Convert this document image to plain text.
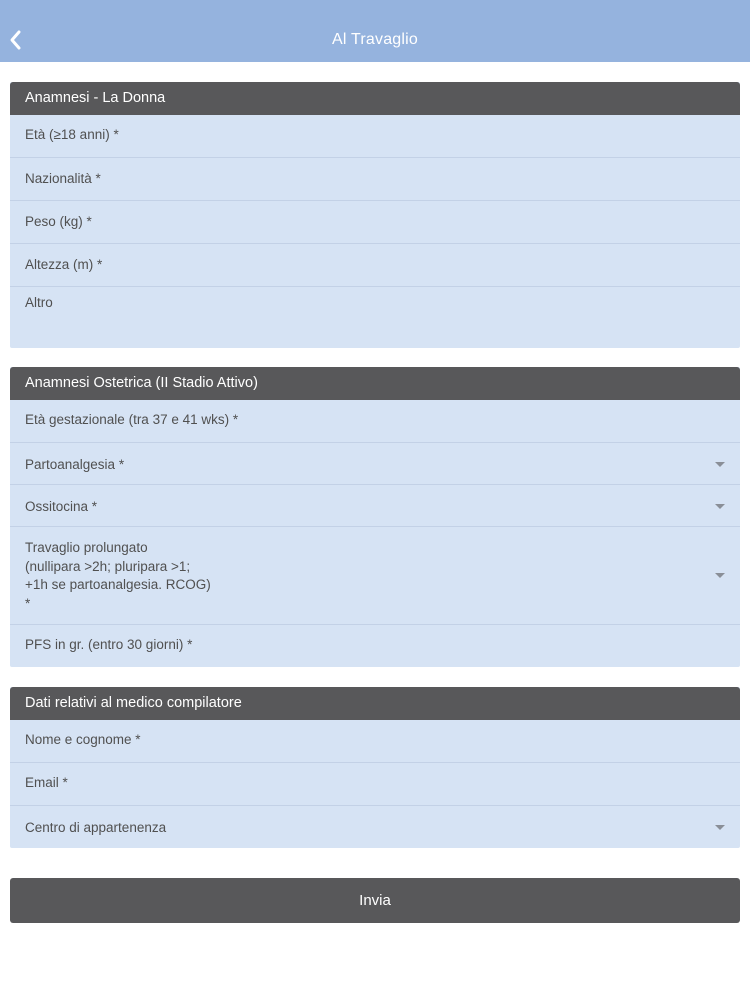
Al Travaglio
Anamnesi - La Donna
Età (≥18 anni) *
Nazionalità *
Peso (kg) *
Altezza (m) *
Altro
Anamnesi Ostetrica (II Stadio Attivo)
Età gestazionale (tra 37 e 41 wks) *
Partoanalgesia *
Ossitocina *
Travaglio prolungato
(nullipara >2h; pluripara >1;
+1h se partoanalgesia. RCOG)
*
PFS in gr. (entro 30 giorni) *
Dati relativi al medico compilatore
Nome e cognome *
Email *
Centro di appartenenza
Invia
